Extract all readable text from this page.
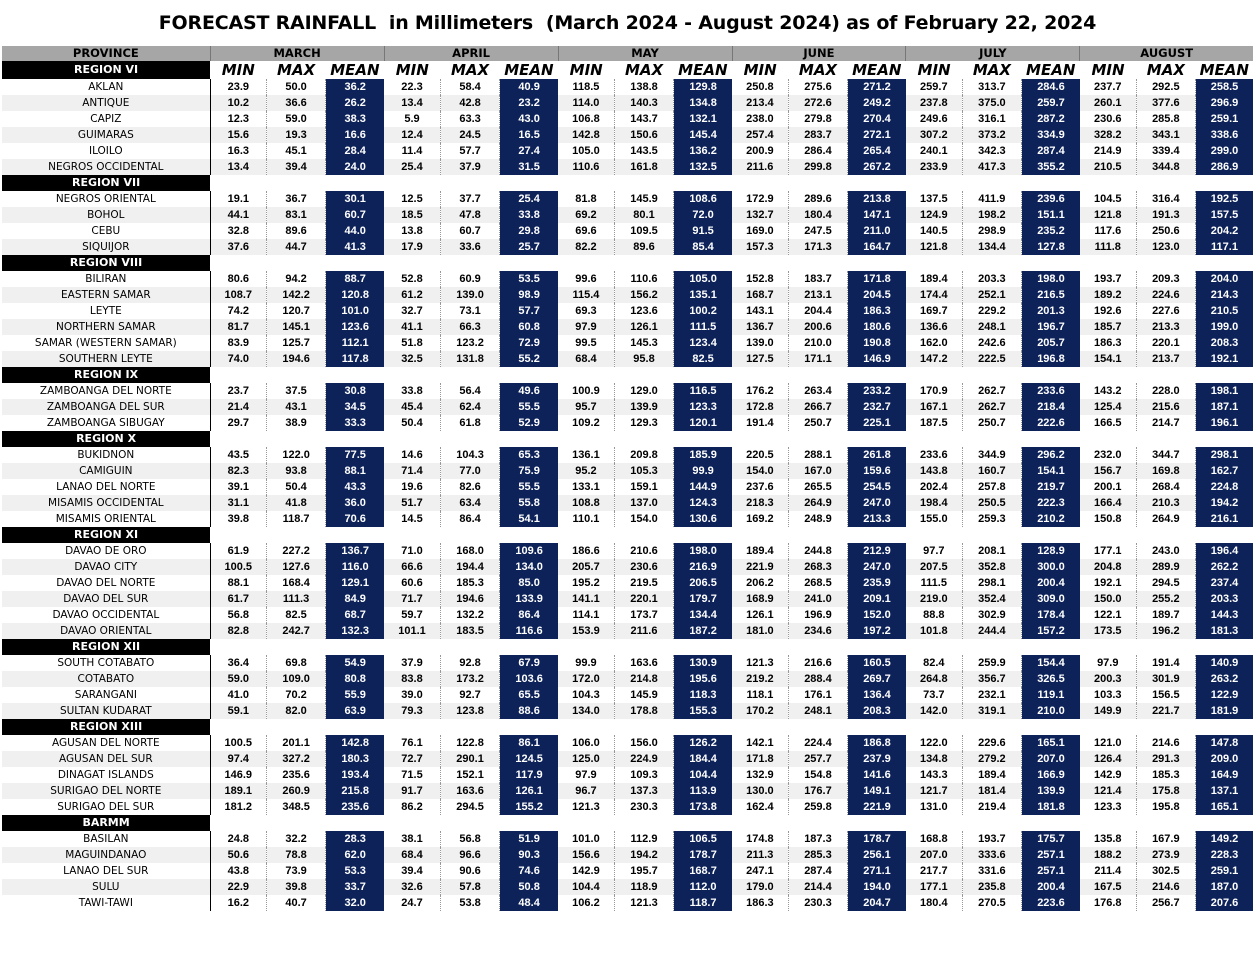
FORECAST RAINFALL  in Millimeters  (March 2024 - August 2024) as of February 22, 2024
PROVINCE	MARCH			APRIL			MAY			JUNE			JULY			AUGUST		
REGION VI	MIN	MAX	MEAN	MIN	MAX	MEAN	MIN	MAX	MEAN	MIN	MAX	MEAN	MIN	MAX	MEAN	MIN	MAX	MEAN
AKLAN	23.9	50.0	36.2	22.3	58.4	40.9	118.5	138.8	129.8	250.8	275.6	271.2	259.7	313.7	284.6	237.7	292.5	258.5
ANTIQUE	10.2	36.6	26.2	13.4	42.8	23.2	114.0	140.3	134.8	213.4	272.6	249.2	237.8	375.0	259.7	260.1	377.6	296.9
CAPIZ	12.3	59.0	38.3	5.9	63.3	43.0	106.8	143.7	132.1	238.0	279.8	270.4	249.6	316.1	287.2	230.6	285.8	259.1
GUIMARAS	15.6	19.3	16.6	12.4	24.5	16.5	142.8	150.6	145.4	257.4	283.7	272.1	307.2	373.2	334.9	328.2	343.1	338.6
ILOILO	16.3	45.1	28.4	11.4	57.7	27.4	105.0	143.5	136.2	200.9	286.4	265.4	240.1	342.3	287.4	214.9	339.4	299.0
NEGROS OCCIDENTAL	13.4	39.4	24.0	25.4	37.9	31.5	110.6	161.8	132.5	211.6	299.8	267.2	233.9	417.3	355.2	210.5	344.8	286.9
REGION VII																		
NEGROS ORIENTAL	19.1	36.7	30.1	12.5	37.7	25.4	81.8	145.9	108.6	172.9	289.6	213.8	137.5	411.9	239.6	104.5	316.4	192.5
BOHOL	44.1	83.1	60.7	18.5	47.8	33.8	69.2	80.1	72.0	132.7	180.4	147.1	124.9	198.2	151.1	121.8	191.3	157.5
CEBU	32.8	89.6	44.0	13.8	60.7	29.8	69.6	109.5	91.5	169.0	247.5	211.0	140.5	298.9	235.2	117.6	250.6	204.2
SIQUIJOR	37.6	44.7	41.3	17.9	33.6	25.7	82.2	89.6	85.4	157.3	171.3	164.7	121.8	134.4	127.8	111.8	123.0	117.1
REGION VIII																		
BILIRAN	80.6	94.2	88.7	52.8	60.9	53.5	99.6	110.6	105.0	152.8	183.7	171.8	189.4	203.3	198.0	193.7	209.3	204.0
EASTERN SAMAR	108.7	142.2	120.8	61.2	139.0	98.9	115.4	156.2	135.1	168.7	213.1	204.5	174.4	252.1	216.5	189.2	224.6	214.3
LEYTE	74.2	120.7	101.0	32.7	73.1	57.7	69.3	123.6	100.2	143.1	204.4	186.3	169.7	229.2	201.3	192.6	227.6	210.5
NORTHERN SAMAR	81.7	145.1	123.6	41.1	66.3	60.8	97.9	126.1	111.5	136.7	200.6	180.6	136.6	248.1	196.7	185.7	213.3	199.0
SAMAR (WESTERN SAMAR)	83.9	125.7	112.1	51.8	123.2	72.9	99.5	145.3	123.4	139.0	210.0	190.8	162.0	242.6	205.7	186.3	220.1	208.3
SOUTHERN LEYTE	74.0	194.6	117.8	32.5	131.8	55.2	68.4	95.8	82.5	127.5	171.1	146.9	147.2	222.5	196.8	154.1	213.7	192.1
REGION IX																		
ZAMBOANGA DEL NORTE	23.7	37.5	30.8	33.8	56.4	49.6	100.9	129.0	116.5	176.2	263.4	233.2	170.9	262.7	233.6	143.2	228.0	198.1
ZAMBOANGA DEL SUR	21.4	43.1	34.5	45.4	62.4	55.5	95.7	139.9	123.3	172.8	266.7	232.7	167.1	262.7	218.4	125.4	215.6	187.1
ZAMBOANGA SIBUGAY	29.7	38.9	33.3	50.4	61.8	52.9	109.2	129.3	120.1	191.4	250.7	225.1	187.5	250.7	222.6	166.5	214.7	196.1
REGION X																		
BUKIDNON	43.5	122.0	77.5	14.6	104.3	65.3	136.1	209.8	185.9	220.5	288.1	261.8	233.6	344.9	296.2	232.0	344.7	298.1
CAMIGUIN	82.3	93.8	88.1	71.4	77.0	75.9	95.2	105.3	99.9	154.0	167.0	159.6	143.8	160.7	154.1	156.7	169.8	162.7
LANAO DEL NORTE	39.1	50.4	43.3	19.6	82.6	55.5	133.1	159.1	144.9	237.6	265.5	254.5	202.4	257.8	219.7	200.1	268.4	224.8
MISAMIS OCCIDENTAL	31.1	41.8	36.0	51.7	63.4	55.8	108.8	137.0	124.3	218.3	264.9	247.0	198.4	250.5	222.3	166.4	210.3	194.2
MISAMIS ORIENTAL	39.8	118.7	70.6	14.5	86.4	54.1	110.1	154.0	130.6	169.2	248.9	213.3	155.0	259.3	210.2	150.8	264.9	216.1
REGION XI																		
DAVAO DE ORO	61.9	227.2	136.7	71.0	168.0	109.6	186.6	210.6	198.0	189.4	244.8	212.9	97.7	208.1	128.9	177.1	243.0	196.4
DAVAO CITY	100.5	127.6	116.0	66.6	194.4	134.0	205.7	230.6	216.9	221.9	268.3	247.0	207.5	352.8	300.0	204.8	289.9	262.2
DAVAO DEL NORTE	88.1	168.4	129.1	60.6	185.3	85.0	195.2	219.5	206.5	206.2	268.5	235.9	111.5	298.1	200.4	192.1	294.5	237.4
DAVAO DEL SUR	61.7	111.3	84.9	71.7	194.6	133.9	141.1	220.1	179.7	168.9	241.0	209.1	219.0	352.4	309.0	150.0	255.2	203.3
DAVAO OCCIDENTAL	56.8	82.5	68.7	59.7	132.2	86.4	114.1	173.7	134.4	126.1	196.9	152.0	88.8	302.9	178.4	122.1	189.7	144.3
DAVAO ORIENTAL	82.8	242.7	132.3	101.1	183.5	116.6	153.9	211.6	187.2	181.0	234.6	197.2	101.8	244.4	157.2	173.5	196.2	181.3
REGION XII																		
SOUTH COTABATO	36.4	69.8	54.9	37.9	92.8	67.9	99.9	163.6	130.9	121.3	216.6	160.5	82.4	259.9	154.4	97.9	191.4	140.9
COTABATO	59.0	109.0	80.8	83.8	173.2	103.6	172.0	214.8	195.6	219.2	288.4	269.7	264.8	356.7	326.5	200.3	301.9	263.2
SARANGANI	41.0	70.2	55.9	39.0	92.7	65.5	104.3	145.9	118.3	118.1	176.1	136.4	73.7	232.1	119.1	103.3	156.5	122.9
SULTAN KUDARAT	59.1	82.0	63.9	79.3	123.8	88.6	134.0	178.8	155.3	170.2	248.1	208.3	142.0	319.1	210.0	149.9	221.7	181.9
REGION XIII																		
AGUSAN DEL NORTE	100.5	201.1	142.8	76.1	122.8	86.1	106.0	156.0	126.2	142.1	224.4	186.8	122.0	229.6	165.1	121.0	214.6	147.8
AGUSAN DEL SUR	97.4	327.2	180.3	72.7	290.1	124.5	125.0	224.9	184.4	171.8	257.7	237.9	134.8	279.2	207.0	126.4	291.3	209.0
DINAGAT ISLANDS	146.9	235.6	193.4	71.5	152.1	117.9	97.9	109.3	104.4	132.9	154.8	141.6	143.3	189.4	166.9	142.9	185.3	164.9
SURIGAO DEL NORTE	189.1	260.9	215.8	91.7	163.6	126.1	96.7	137.3	113.9	130.0	176.7	149.1	121.7	181.4	139.9	121.4	175.8	137.1
SURIGAO DEL SUR	181.2	348.5	235.6	86.2	294.5	155.2	121.3	230.3	173.8	162.4	259.8	221.9	131.0	219.4	181.8	123.3	195.8	165.1
BARMM																		
BASILAN	24.8	32.2	28.3	38.1	56.8	51.9	101.0	112.9	106.5	174.8	187.3	178.7	168.8	193.7	175.7	135.8	167.9	149.2
MAGUINDANAO	50.6	78.8	62.0	68.4	96.6	90.3	156.6	194.2	178.7	211.3	285.3	256.1	207.0	333.6	257.1	188.2	273.9	228.3
LANAO DEL SUR	43.8	73.9	53.3	39.4	90.6	74.6	142.9	195.7	168.7	247.1	287.4	271.1	217.7	331.6	257.1	211.4	302.5	259.1
SULU	22.9	39.8	33.7	32.6	57.8	50.8	104.4	118.9	112.0	179.0	214.4	194.0	177.1	235.8	200.4	167.5	214.6	187.0
TAWI-TAWI	16.2	40.7	32.0	24.7	53.8	48.4	106.2	121.3	118.7	186.3	230.3	204.7	180.4	270.5	223.6	176.8	256.7	207.6
